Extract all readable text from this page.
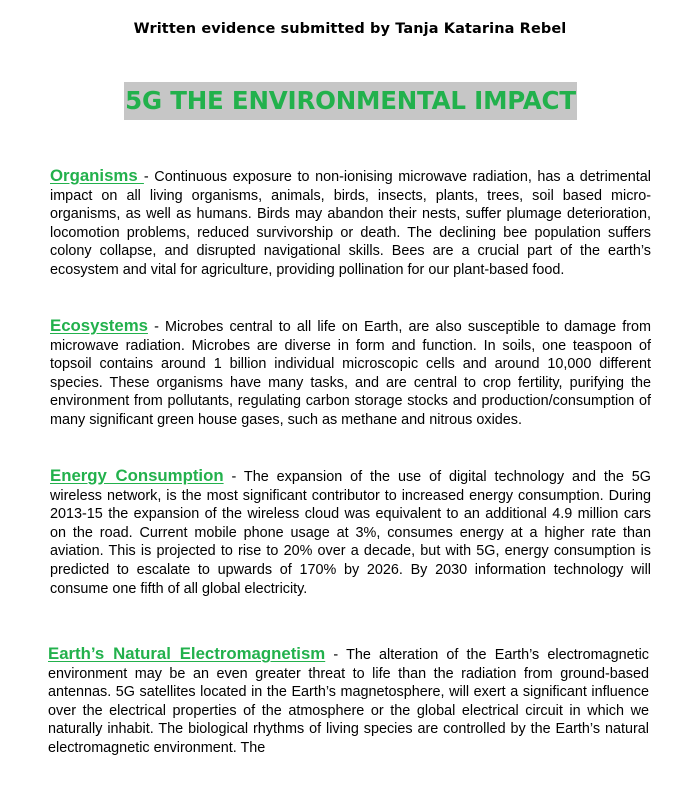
Written evidence submitted by Tanja Katarina Rebel
5G THE ENVIRONMENTAL IMPACT
Organisms - Continuous exposure to non-ionising microwave radiation, has a detrimental impact on all living organisms, animals, birds, insects, plants, trees, soil based micro-organisms, as well as humans. Birds may abandon their nests, suffer plumage deterioration, locomotion problems, reduced survivorship or death. The declining bee population suffers colony collapse, and disrupted navigational skills. Bees are a crucial part of the earth’s ecosystem and vital for agriculture, providing pollination for our plant-based food.
Ecosystems - Microbes central to all life on Earth, are also susceptible to damage from microwave radiation. Microbes are diverse in form and function. In soils, one teaspoon of topsoil contains around 1 billion individual microscopic cells and around 10,000 different species. These organisms have many tasks, and are central to crop fertility, purifying the environment from pollutants, regulating carbon storage stocks and production/consumption of many significant green house gases, such as methane and nitrous oxides.
Energy Consumption - The expansion of the use of digital technology and the 5G wireless network, is the most significant contributor to increased energy consumption. During 2013-15 the expansion of the wireless cloud was equivalent to an additional 4.9 million cars on the road. Current mobile phone usage at 3%, consumes energy at a higher rate than aviation. This is projected to rise to 20% over a decade, but with 5G, energy consumption is predicted to escalate to upwards of 170% by 2026. By 2030 information technology will consume one fifth of all global electricity.
Earth’s Natural Electromagnetism - The alteration of the Earth’s electromagnetic environment may be an even greater threat to life than the radiation from ground-based antennas. 5G satellites located in the Earth’s magnetosphere, will exert a significant influence over the electrical properties of the atmosphere or the global electrical circuit in which we naturally inhabit. The biological rhythms of living species are controlled by the Earth’s natural electromagnetic environment. The
